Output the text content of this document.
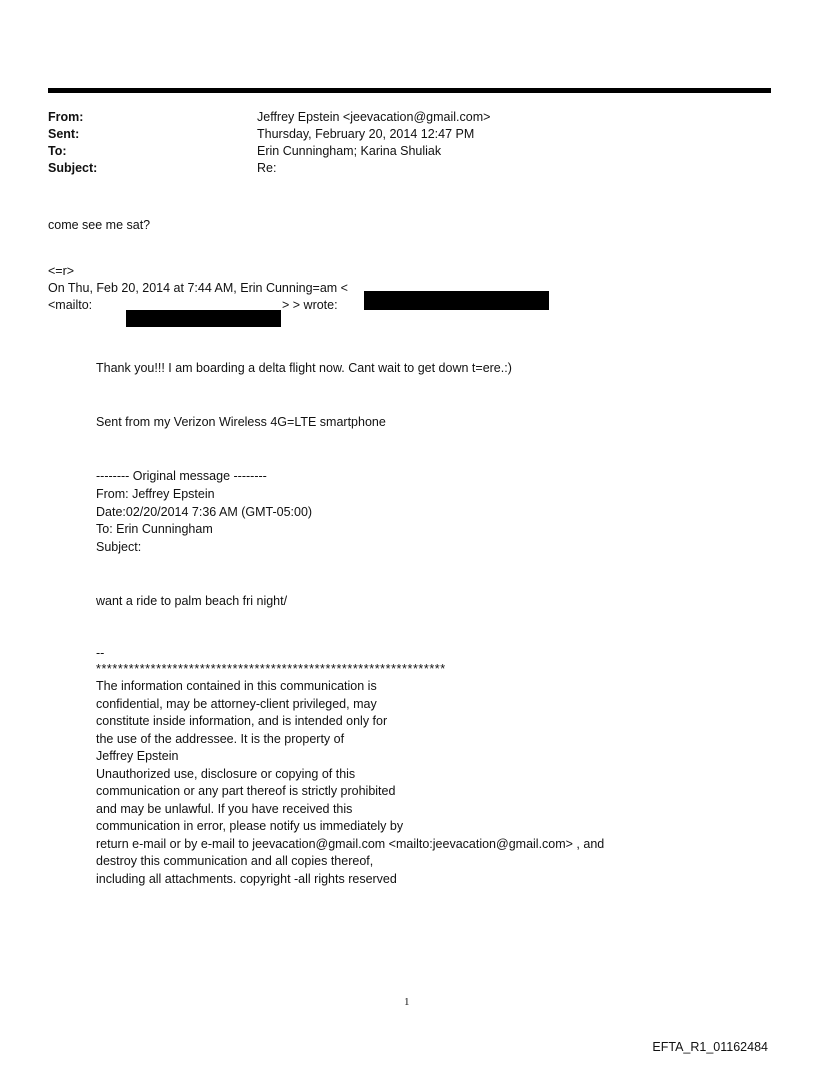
From:	Jeffrey Epstein <jeevacation@gmail.com>
Sent:	Thursday, February 20, 2014 12:47 PM
To:	Erin Cunningham; Karina Shuliak
Subject:	Re:
come see me sat?
<=r>
On Thu, Feb 20, 2014 at 7:44 AM, Erin Cunning=am <
<mailto:	> > wrote:
Thank you!!! I am boarding a delta flight now. Cant wait to get down t=ere.:)
Sent from my Verizon Wireless 4G=LTE smartphone
-------- Original message --------
From: Jeffrey Epstein
Date:02/20/2014 7:36 AM (GMT-05:00)
To: Erin Cunningham
Subject:
want a ride to palm beach fri night/
--
****************************************************************
The information contained in this communication is
confidential, may be attorney-client privileged, may
constitute inside information, and is intended only for
the use of the addressee. It is the property of
Jeffrey Epstein
Unauthorized use, disclosure or copying of this
communication or any part thereof is strictly prohibited
and may be unlawful. If you have received this
communication in error, please notify us immediately by
return e-mail or by e-mail to jeevacation@gmail.com <mailto:jeevacation@gmail.com> , and
destroy this communication and all copies thereof,
including all attachments. copyright -all rights reserved
1
EFTA_R1_01162484
